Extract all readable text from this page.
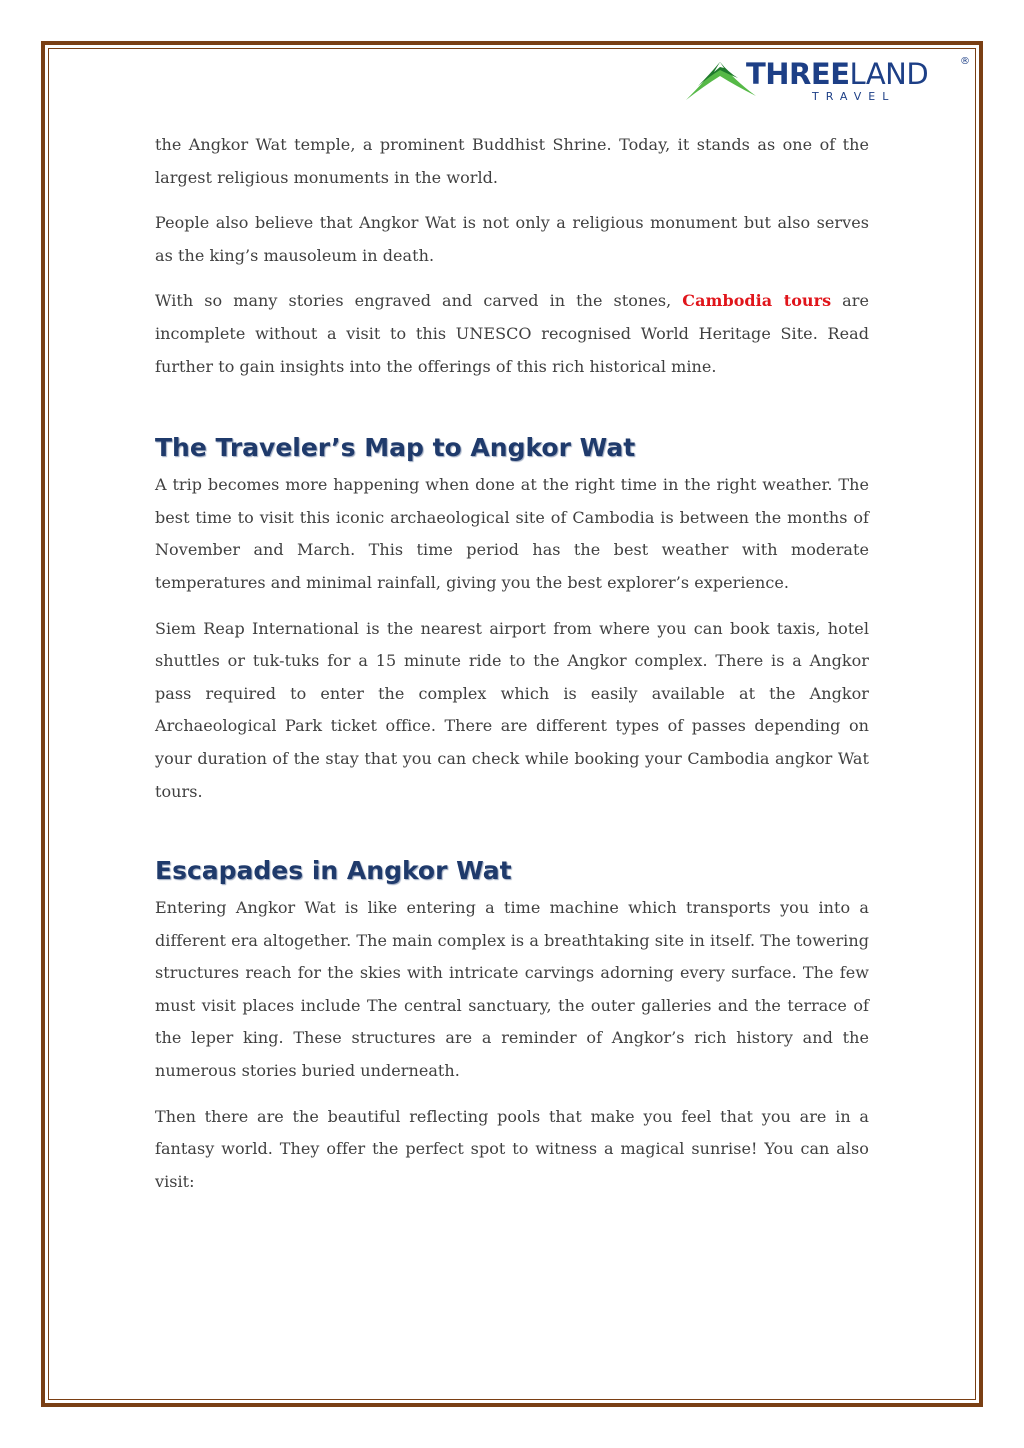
THREELAND	®
TRAVEL

the Angkor Wat temple, a prominent Buddhist Shrine. Today, it stands as one of the largest religious monuments in the world.

People also believe that Angkor Wat is not only a religious monument but also serves as the king’s mausoleum in death.

With so many stories engraved and carved in the stones, Cambodia tours are incomplete without a visit to this UNESCO recognised World Heritage Site. Read further to gain insights into the offerings of this rich historical mine.

The Traveler’s Map to Angkor Wat

A trip becomes more happening when done at the right time in the right weather. The best time to visit this iconic archaeological site of Cambodia is between the months of November and March. This time period has the best weather with moderate temperatures and minimal rainfall, giving you the best explorer’s experience.

Siem Reap International is the nearest airport from where you can book taxis, hotel shuttles or tuk-tuks for a 15 minute ride to the Angkor complex. There is a Angkor pass required to enter the complex which is easily available at the Angkor Archaeological Park ticket office. There are different types of passes depending on your duration of the stay that you can check while booking your Cambodia angkor Wat tours.

Escapades in Angkor Wat

Entering Angkor Wat is like entering a time machine which transports you into a different era altogether. The main complex is a breathtaking site in itself. The towering structures reach for the skies with intricate carvings adorning every surface. The few must visit places include The central sanctuary, the outer galleries and the terrace of the leper king. These structures are a reminder of Angkor’s rich history and the numerous stories buried underneath.

Then there are the beautiful reflecting pools that make you feel that you are in a fantasy world. They offer the perfect spot to witness a magical sunrise! You can also visit:
